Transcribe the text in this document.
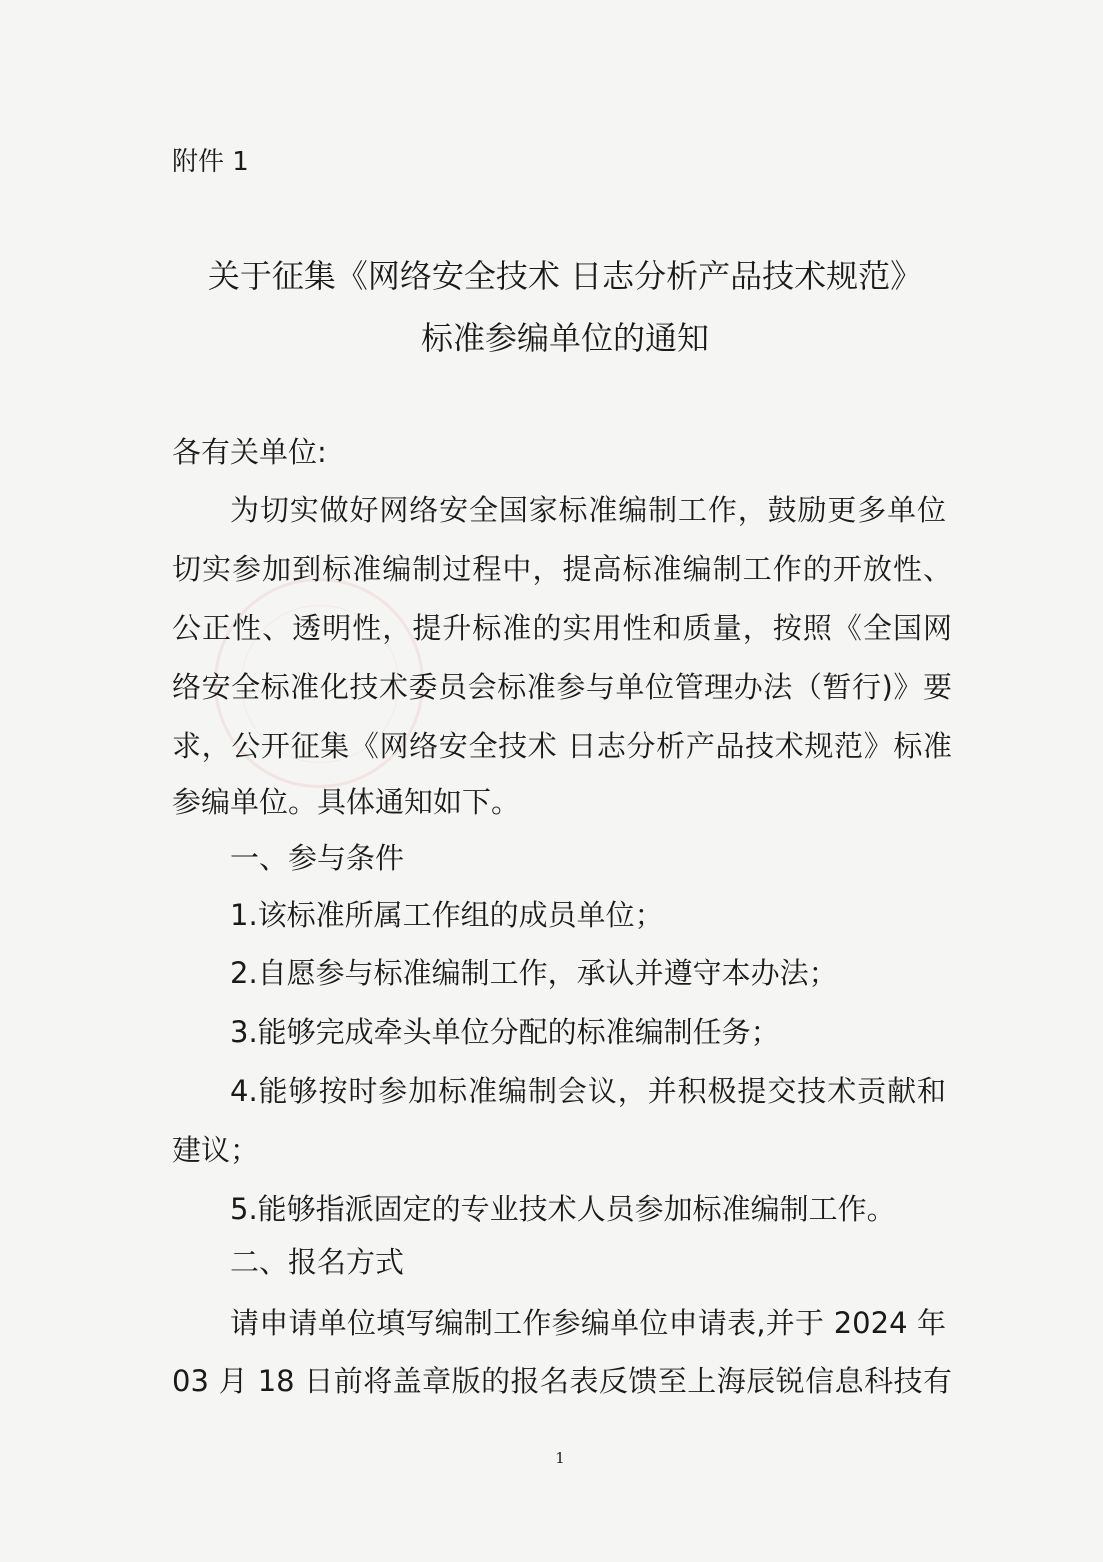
附件 1
关于征集《网络安全技术 日志分析产品技术规范》
标准参编单位的通知
各有关单位:
为切实做好网络安全国家标准编制工作，鼓励更多单位
切实参加到标准编制过程中，提高标准编制工作的开放性、
公正性、透明性，提升标准的实用性和质量，按照《全国网
络安全标准化技术委员会标准参与单位管理办法（暂行)》要
求，公开征集《网络安全技术 日志分析产品技术规范》标准
参编单位。具体通知如下。
一、参与条件
1.该标准所属工作组的成员单位；
2.自愿参与标准编制工作，承认并遵守本办法；
3.能够完成牵头单位分配的标准编制任务；
4.能够按时参加标准编制会议，并积极提交技术贡献和
建议；
5.能够指派固定的专业技术人员参加标准编制工作。
二、报名方式
请申请单位填写编制工作参编单位申请表,并于 2024 年
03 月 18 日前将盖章版的报名表反馈至上海辰锐信息科技有
1
